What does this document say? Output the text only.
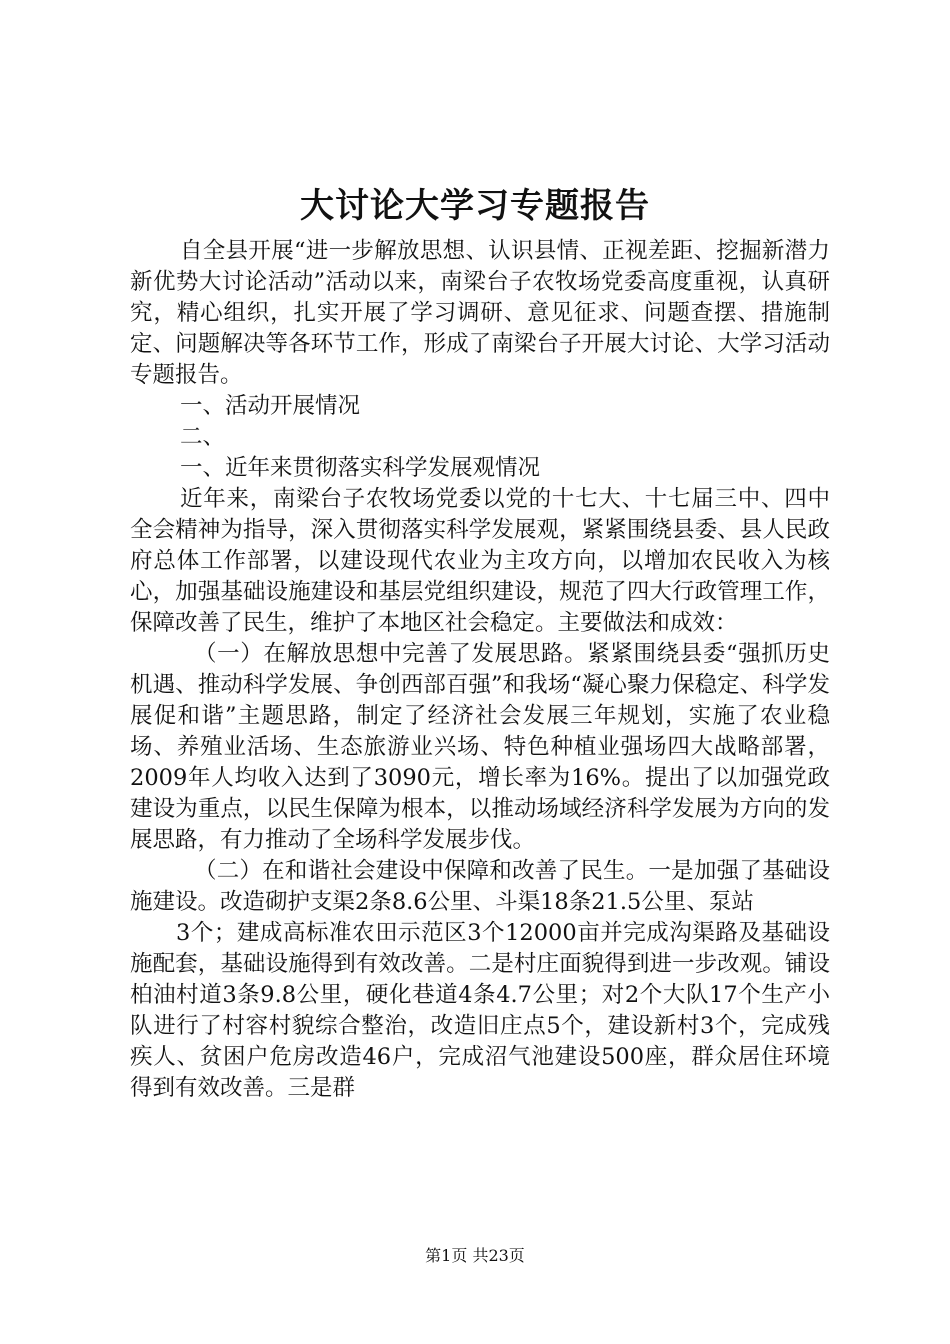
大讨论大学习专题报告

自全县开展“进一步解放思想、认识县情、正视差距、挖掘新潜力新优势大讨论活动”活动以来，南梁台子农牧场党委高度重视，认真研究，精心组织，扎实开展了学习调研、意见征求、问题查摆、措施制定、问题解决等各环节工作，形成了南梁台子开展大讨论、大学习活动专题报告。

一、活动开展情况

二、

一、近年来贯彻落实科学发展观情况

近年来，南梁台子农牧场党委以党的十七大、十七届三中、四中全会精神为指导，深入贯彻落实科学发展观，紧紧围绕县委、县人民政府总体工作部署，以建设现代农业为主攻方向，以增加农民收入为核心，加强基础设施建设和基层党组织建设，规范了四大行政管理工作，保障改善了民生，维护了本地区社会稳定。主要做法和成效：

（一）在解放思想中完善了发展思路。紧紧围绕县委“强抓历史机遇、推动科学发展、争创西部百强”和我场“凝心聚力保稳定、科学发展促和谐”主题思路，制定了经济社会发展三年规划，实施了农业稳场、养殖业活场、生态旅游业兴场、特色种植业强场四大战略部署，2009年人均收入达到了3090元，增长率为16%。提出了以加强党政建设为重点，以民生保障为根本，以推动场域经济科学发展为方向的发展思路，有力推动了全场科学发展步伐。

（二）在和谐社会建设中保障和改善了民生。一是加强了基础设施建设。改造砌护支渠2条8.6公里、斗渠18条21.5公里、泵站

3个；建成高标准农田示范区3个12000亩并完成沟渠路及基础设施配套，基础设施得到有效改善。二是村庄面貌得到进一步改观。铺设柏油村道3条9.8公里，硬化巷道4条4.7公里；对2个大队17个生产小队进行了村容村貌综合整治，改造旧庄点5个，建设新村3个，完成残疾人、贫困户危房改造46户，完成沼气池建设500座，群众居住环境得到有效改善。三是群

第1页 共23页
